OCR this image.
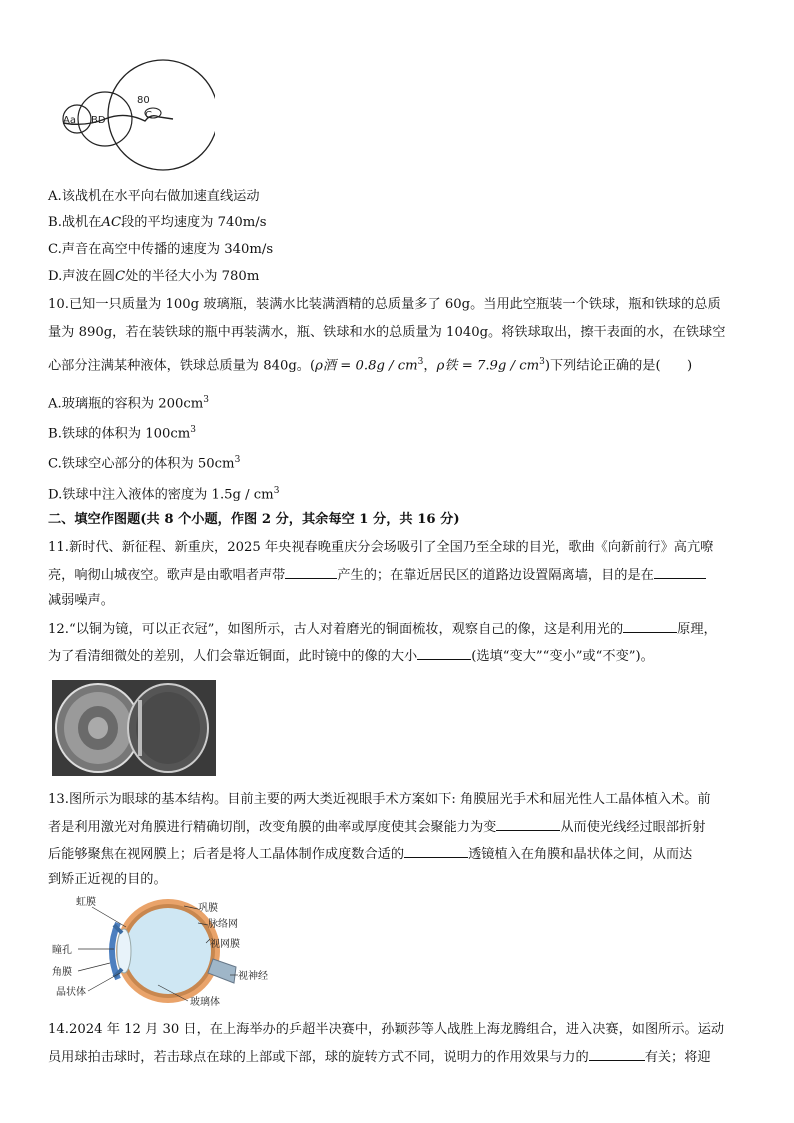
Aa BD	C
80
A.该战机在水平向右做加速直线运动
B.战机在AC段的平均速度为 740m/s
C.声音在高空中传播的速度为 340m/s
D.声波在圆C处的半径大小为 780m
10.已知一只质量为 100g 玻璃瓶，装满水比装满酒精的总质量多了 60g。当用此空瓶装一个铁球，瓶和铁球的总质
量为 890g，若在装铁球的瓶中再装满水，瓶、铁球和水的总质量为 1040g。将铁球取出，擦干表面的水，在铁球空
心部分注满某种液体，铁球总质量为 840g。(ρ酒 = $0.8g / cm^3$，ρ铁 = $7.9g / cm^3$)下列结论正确的是(　　)
A.玻璃瓶的容积为 $200cm^3$
B.铁球的体积为 $100cm^3$
C.铁球空心部分的体积为 $50cm^3$
D.铁球中注入液体的密度为 $1.5g / cm^3$
二、填空作图题(共 8 个小题，作图 2 分，其余每空 1 分，共 16 分)
11.新时代、新征程、新重庆，2025 年央视春晚重庆分会场吸引了全国乃至全球的目光，歌曲《向新前行》高亢嘹
亮，响彻山城夜空。歌声是由歌唱者声带	产生的；在靠近居民区的道路边设置隔离墙，目的是在
减弱噪声。
12.“以铜为镜，可以正衣冠”，如图所示，古人对着磨光的铜面梳妆，观察自己的像，这是利用光的	原理，
为了看清细微处的差别，人们会靠近铜面，此时镜中的像的大小	(选填“变大”“变小”或“不变”)。
13.图所示为眼球的基本结构。目前主要的两大类近视眼手术方案如下: 角膜屈光手术和屈光性人工晶体植入术。前
者是利用激光对角膜进行精确切削，改变角膜的曲率或厚度使其会聚能力为变	从而使光线经过眼部折射
后能够聚焦在视网膜上；后者是将人工晶体制作成度数合适的	透镜植入在角膜和晶状体之间，从而达
到矫正近视的目的。
虹膜
瞳孔
角膜
晶状体
巩膜
脉络网
视网膜
视神经
玻璃体
14.2024 年 12 月 30 日，在上海举办的乒超半决赛中，孙颖莎等人战胜上海龙腾组合，进入决赛，如图所示。运动
员用球拍击球时，若击球点在球的上部或下部，球的旋转方式不同，说明力的作用效果与力的	有关；将迎
